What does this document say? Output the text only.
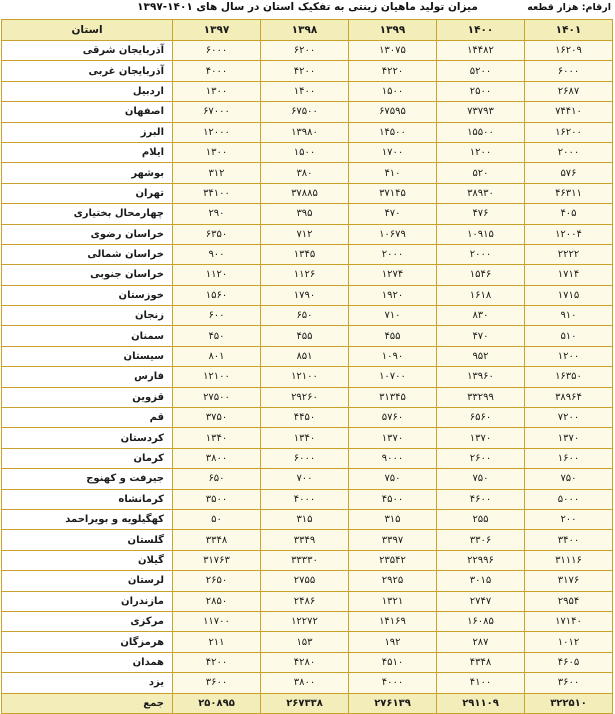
میزان تولید ماهیان زینتی به تفکیک استان در سال های ۱۴۰۱-۱۳۹۷	ارقام: هزار قطعه
۱۴۰۱	۱۴۰۰	۱۳۹۹	۱۳۹۸	۱۳۹۷	استان
۱۶۲۰۹	۱۴۴۸۲	۱۳۰۷۵	۶۲۰۰	۶۰۰۰	آذربایجان شرقی
۶۰۰۰	۵۲۰۰	۴۲۲۰	۴۲۰۰	۴۰۰۰	آذربایجان غربی
۲۶۸۷	۲۵۰۰	۱۵۰۰	۱۴۰۰	۱۳۰۰	اردبیل
۷۴۴۱۰	۷۳۷۹۳	۶۷۵۹۵	۶۷۵۰۰	۶۷۰۰۰	اصفهان
۱۶۲۰۰	۱۵۵۰۰	۱۴۵۰۰	۱۳۹۸۰	۱۲۰۰۰	البرز
۲۰۰۰	۱۲۰۰	۱۷۰۰	۱۵۰۰	۱۳۰۰	ایلام
۵۷۶	۵۲۰	۴۱۰	۳۸۰	۳۱۲	بوشهر
۴۶۳۱۱	۳۸۹۳۰	۳۷۱۴۵	۳۷۸۸۵	۳۴۱۰۰	تهران
۴۰۵	۴۷۶	۴۷۰	۳۹۵	۲۹۰	چهارمحال بختیاری
۱۲۰۰۴	۱۰۹۱۵	۱۰۶۷۹	۷۱۲	۶۳۵۰	خراسان رضوی
۲۲۲۲	۲۰۰۰	۲۰۰۰	۱۳۴۵	۹۰۰	خراسان شمالی
۱۷۱۴	۱۵۴۶	۱۲۷۴	۱۱۲۶	۱۱۲۰	خراسان جنوبی
۱۷۱۵	۱۶۱۸	۱۹۲۰	۱۷۹۰	۱۵۶۰	خوزستان
۹۱۰	۸۳۰	۷۱۰	۶۵۰	۶۰۰	زنجان
۵۱۰	۴۷۰	۴۵۵	۴۵۵	۴۵۰	سمنان
۱۲۰۰	۹۵۲	۱۰۹۰	۸۵۱	۸۰۱	سیستان
۱۶۳۵۰	۱۳۹۶۰	۱۰۷۰۰	۱۲۱۰۰	۱۲۱۰۰	فارس
۳۸۹۶۴	۳۳۲۹۹	۳۱۳۴۵	۲۹۲۶۰	۲۷۵۰۰	قزوین
۷۲۰۰	۶۵۶۰	۵۷۶۰	۴۴۵۰	۳۷۵۰	قم
۱۳۷۰	۱۳۷۰	۱۳۷۰	۱۳۴۰	۱۳۴۰	کردستان
۱۶۰۰	۲۶۰۰	۹۰۰۰	۶۰۰۰	۳۸۰۰	کرمان
۷۵۰	۷۵۰	۷۵۰	۷۰۰	۶۵۰	جیرفت و کهنوج
۵۰۰۰	۴۶۰۰	۴۵۰۰	۴۰۰۰	۳۵۰۰	کرمانشاه
۲۰۰	۲۵۵	۳۱۵	۳۱۵	۵۰	کهگیلویه و بویراحمد
۳۴۰۰	۳۳۰۶	۳۳۹۷	۳۳۴۹	۳۳۴۸	گلستان
۳۱۱۱۶	۲۲۹۹۶	۲۳۵۴۲	۳۳۳۳۰	۳۱۷۶۳	گیلان
۳۱۷۶	۳۰۱۵	۲۹۲۵	۲۷۵۵	۲۶۵۰	لرستان
۲۹۵۴	۲۷۴۷	۱۳۲۱	۲۴۸۶	۲۸۵۰	مازندران
۱۷۱۴۰	۱۶۰۸۵	۱۴۱۶۹	۱۲۲۷۲	۱۱۷۰۰	مرکزی
۱۰۱۲	۲۸۷	۱۹۲	۱۵۳	۲۱۱	هرمزگان
۴۶۰۵	۴۳۴۸	۴۵۱۰	۴۲۸۰	۴۲۰۰	همدان
۳۶۰۰	۴۱۰۰	۴۰۰۰	۳۸۰۰	۳۶۰۰	یزد
۳۲۲۵۱۰	۲۹۱۱۰۹	۲۷۶۱۳۹	۲۶۷۳۳۸	۲۵۰۸۹۵	جمع
